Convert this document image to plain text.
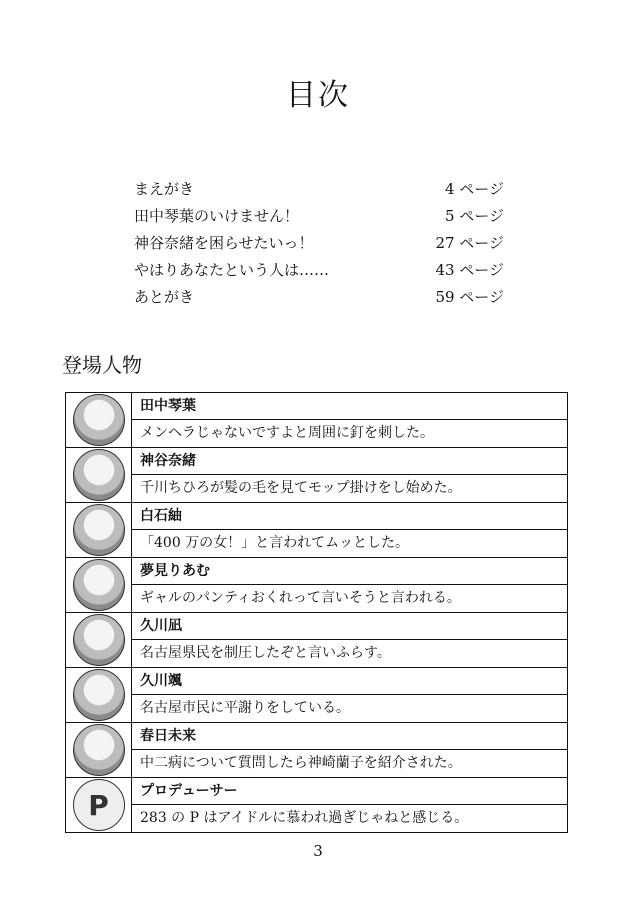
目次
まえがき	4 ページ
田中琴葉のいけません！	5 ページ
神谷奈緒を困らせたいっ！	27 ページ
やはりあなたという人は……	43 ページ
あとがき	59 ページ
登場人物
	田中琴葉
	メンヘラじゃないですよと周囲に釘を刺した。

	神谷奈緒
	千川ちひろが髪の毛を見てモップ掛けをし始めた。

	白石紬
	「400 万の女！」と言われてムッとした。

	夢見りあむ
	ギャルのパンティおくれって言いそうと言われる。

	久川凪
	名古屋県民を制圧したぞと言いふらす。

	久川颯
	名古屋市民に平謝りをしている。

	春日未来
	中二病について質問したら神崎蘭子を紹介された。

P	プロデューサー
	283 の P はアイドルに慕われ過ぎじゃねと感じる。
3
